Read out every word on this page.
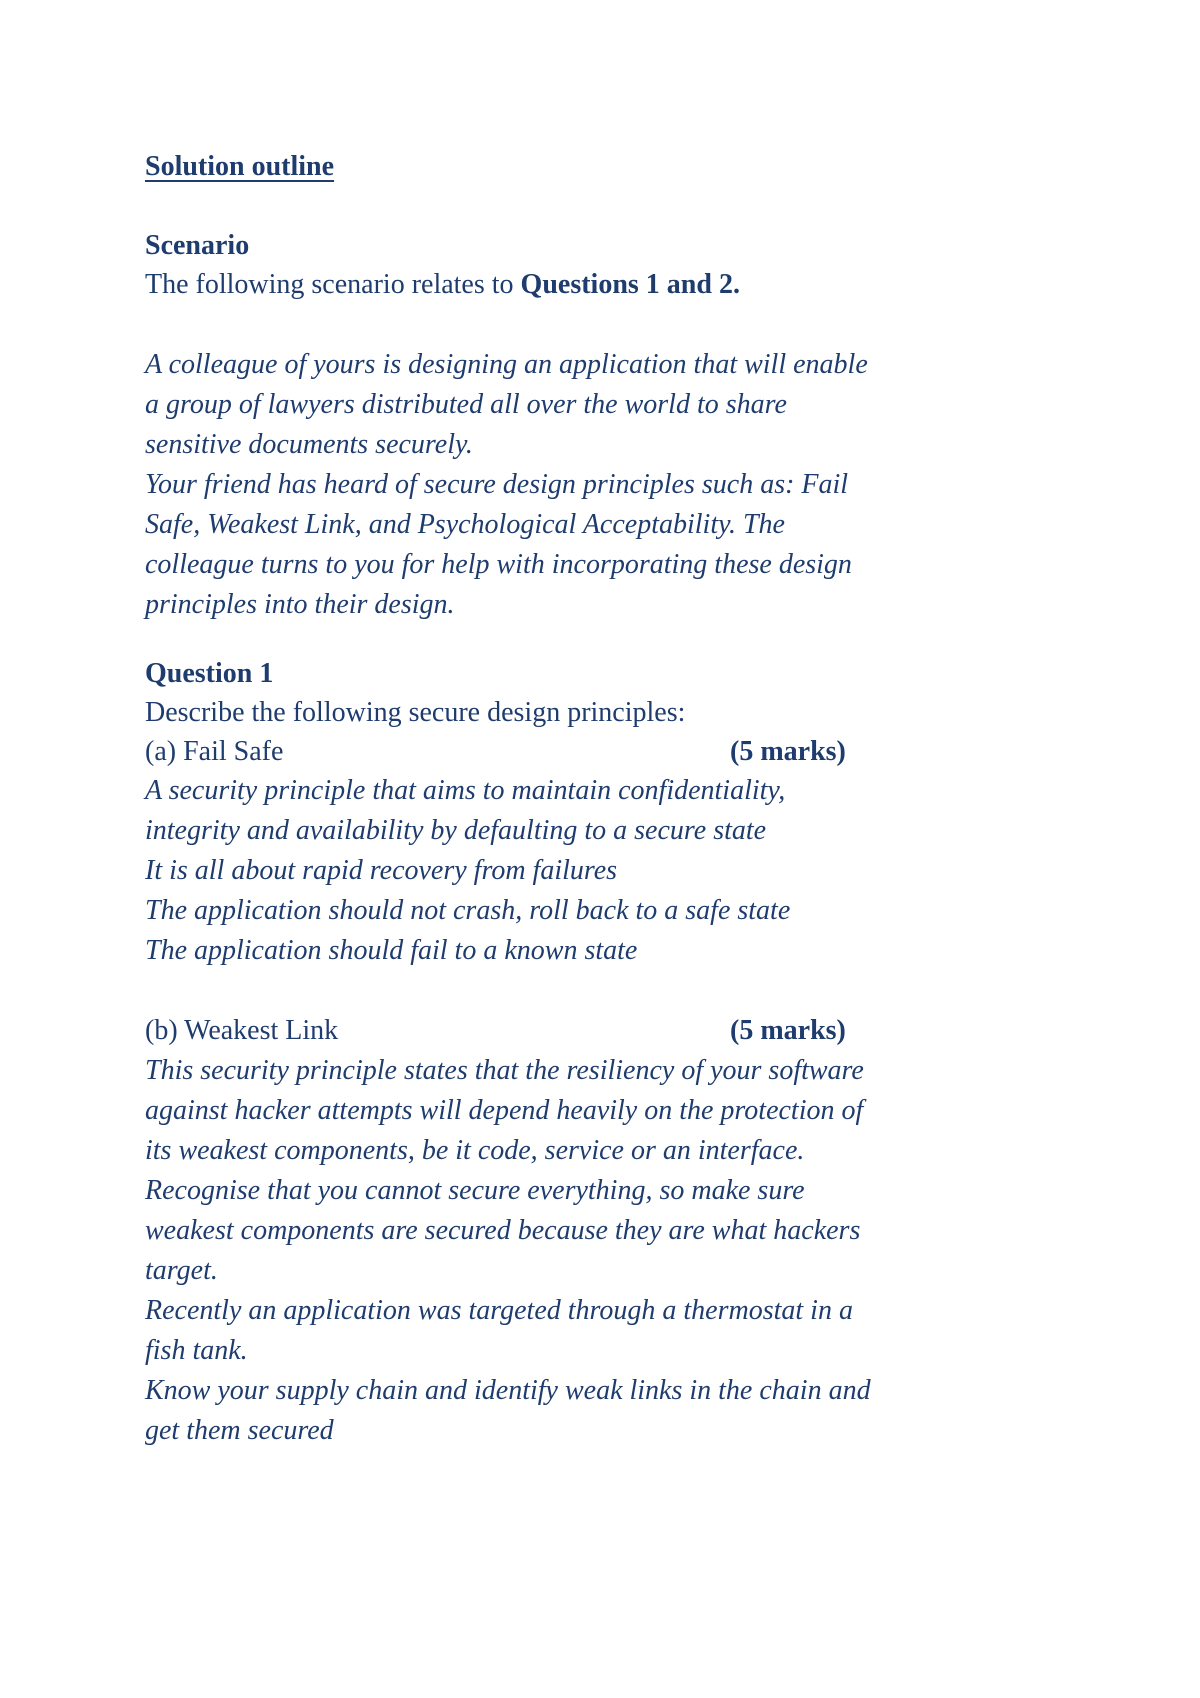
Solution outline
Scenario
The following scenario relates to Questions 1 and 2.
A colleague of yours is designing an application that will enable
a group of lawyers distributed all over the world to share
sensitive documents securely.
Your friend has heard of secure design principles such as: Fail
Safe, Weakest Link, and Psychological Acceptability. The
colleague turns to you for help with incorporating these design
principles into their design.
Question 1
Describe the following secure design principles:
(a) Fail Safe	(5 marks)
A security principle that aims to maintain confidentiality,
integrity and availability by defaulting to a secure state
It is all about rapid recovery from failures
The application should not crash, roll back to a safe state
The application should fail to a known state
(b) Weakest Link	(5 marks)
This security principle states that the resiliency of your software
against hacker attempts will depend heavily on the protection of
its weakest components, be it code, service or an interface.
Recognise that you cannot secure everything, so make sure
weakest components are secured because they are what hackers
target.
Recently an application was targeted through a thermostat in a
fish tank.
Know your supply chain and identify weak links in the chain and
get them secured
